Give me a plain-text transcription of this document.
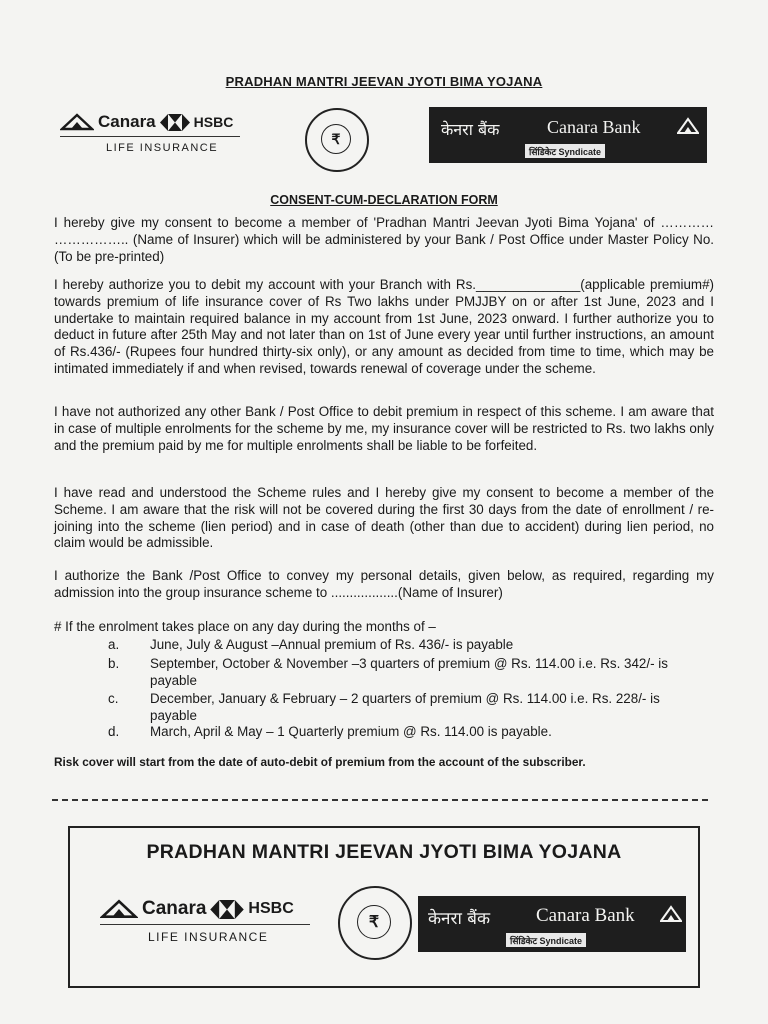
PRADHAN MANTRI JEEVAN JYOTI BIMA YOJANA
Canara	HSBC
LIFE INSURANCE
₹	केनरा बैंक	Canara Bank
सिंडिकेट Syndicate
CONSENT-CUM-DECLARATION FORM

I hereby give my consent to become a member of 'Pradhan Mantri Jeevan Jyoti Bima Yojana' of ………… …………….. (Name of Insurer) which will be administered by your Bank / Post Office under Master Policy No. (To be pre-printed)

I hereby authorize you to debit my account with your Branch with Rs.______________(applicable premium#) towards premium of life insurance cover of Rs Two lakhs under PMJJBY on or after 1st June, 2023 and I undertake to maintain required balance in my account from 1st June, 2023 onward. I further authorize you to deduct in future after 25th May and not later than on 1st of June every year until further instructions, an amount of Rs.436/- (Rupees four hundred thirty-six only), or any amount as decided from time to time, which may be intimated immediately if and when revised, towards renewal of coverage under the scheme.

I have not authorized any other Bank / Post Office to debit premium in respect of this scheme. I am aware that in case of multiple enrolments for the scheme by me, my insurance cover will be restricted to Rs. two lakhs only and the premium paid by me for multiple enrolments shall be liable to be forfeited.

I have read and understood the Scheme rules and I hereby give my consent to become a member of the Scheme. I am aware that the risk will not be covered during the first 30 days from the date of enrollment / re-joining into the scheme (lien period) and in case of death (other than due to accident) during lien period, no claim would be admissible.

I authorize the Bank /Post Office to convey my personal details, given below, as required, regarding my admission into the group insurance scheme to ..................(Name of Insurer)

# If the enrolment takes place on any day during the months of –
a. June, July & August –Annual premium of Rs. 436/- is payable
b. September, October & November –3 quarters of premium @ Rs. 114.00 i.e. Rs. 342/- is payable
c. December, January & February – 2 quarters of premium @ Rs. 114.00 i.e. Rs. 228/- is payable
d. March, April & May – 1 Quarterly premium @ Rs. 114.00 is payable.
Risk cover will start from the date of auto-debit of premium from the account of the subscriber.
PRADHAN MANTRI JEEVAN JYOTI BIMA YOJANA
Canara	HSBC
LIFE INSURANCE
₹	केनरा बैंक Canara Bank
सिंडिकेट Syndicate
